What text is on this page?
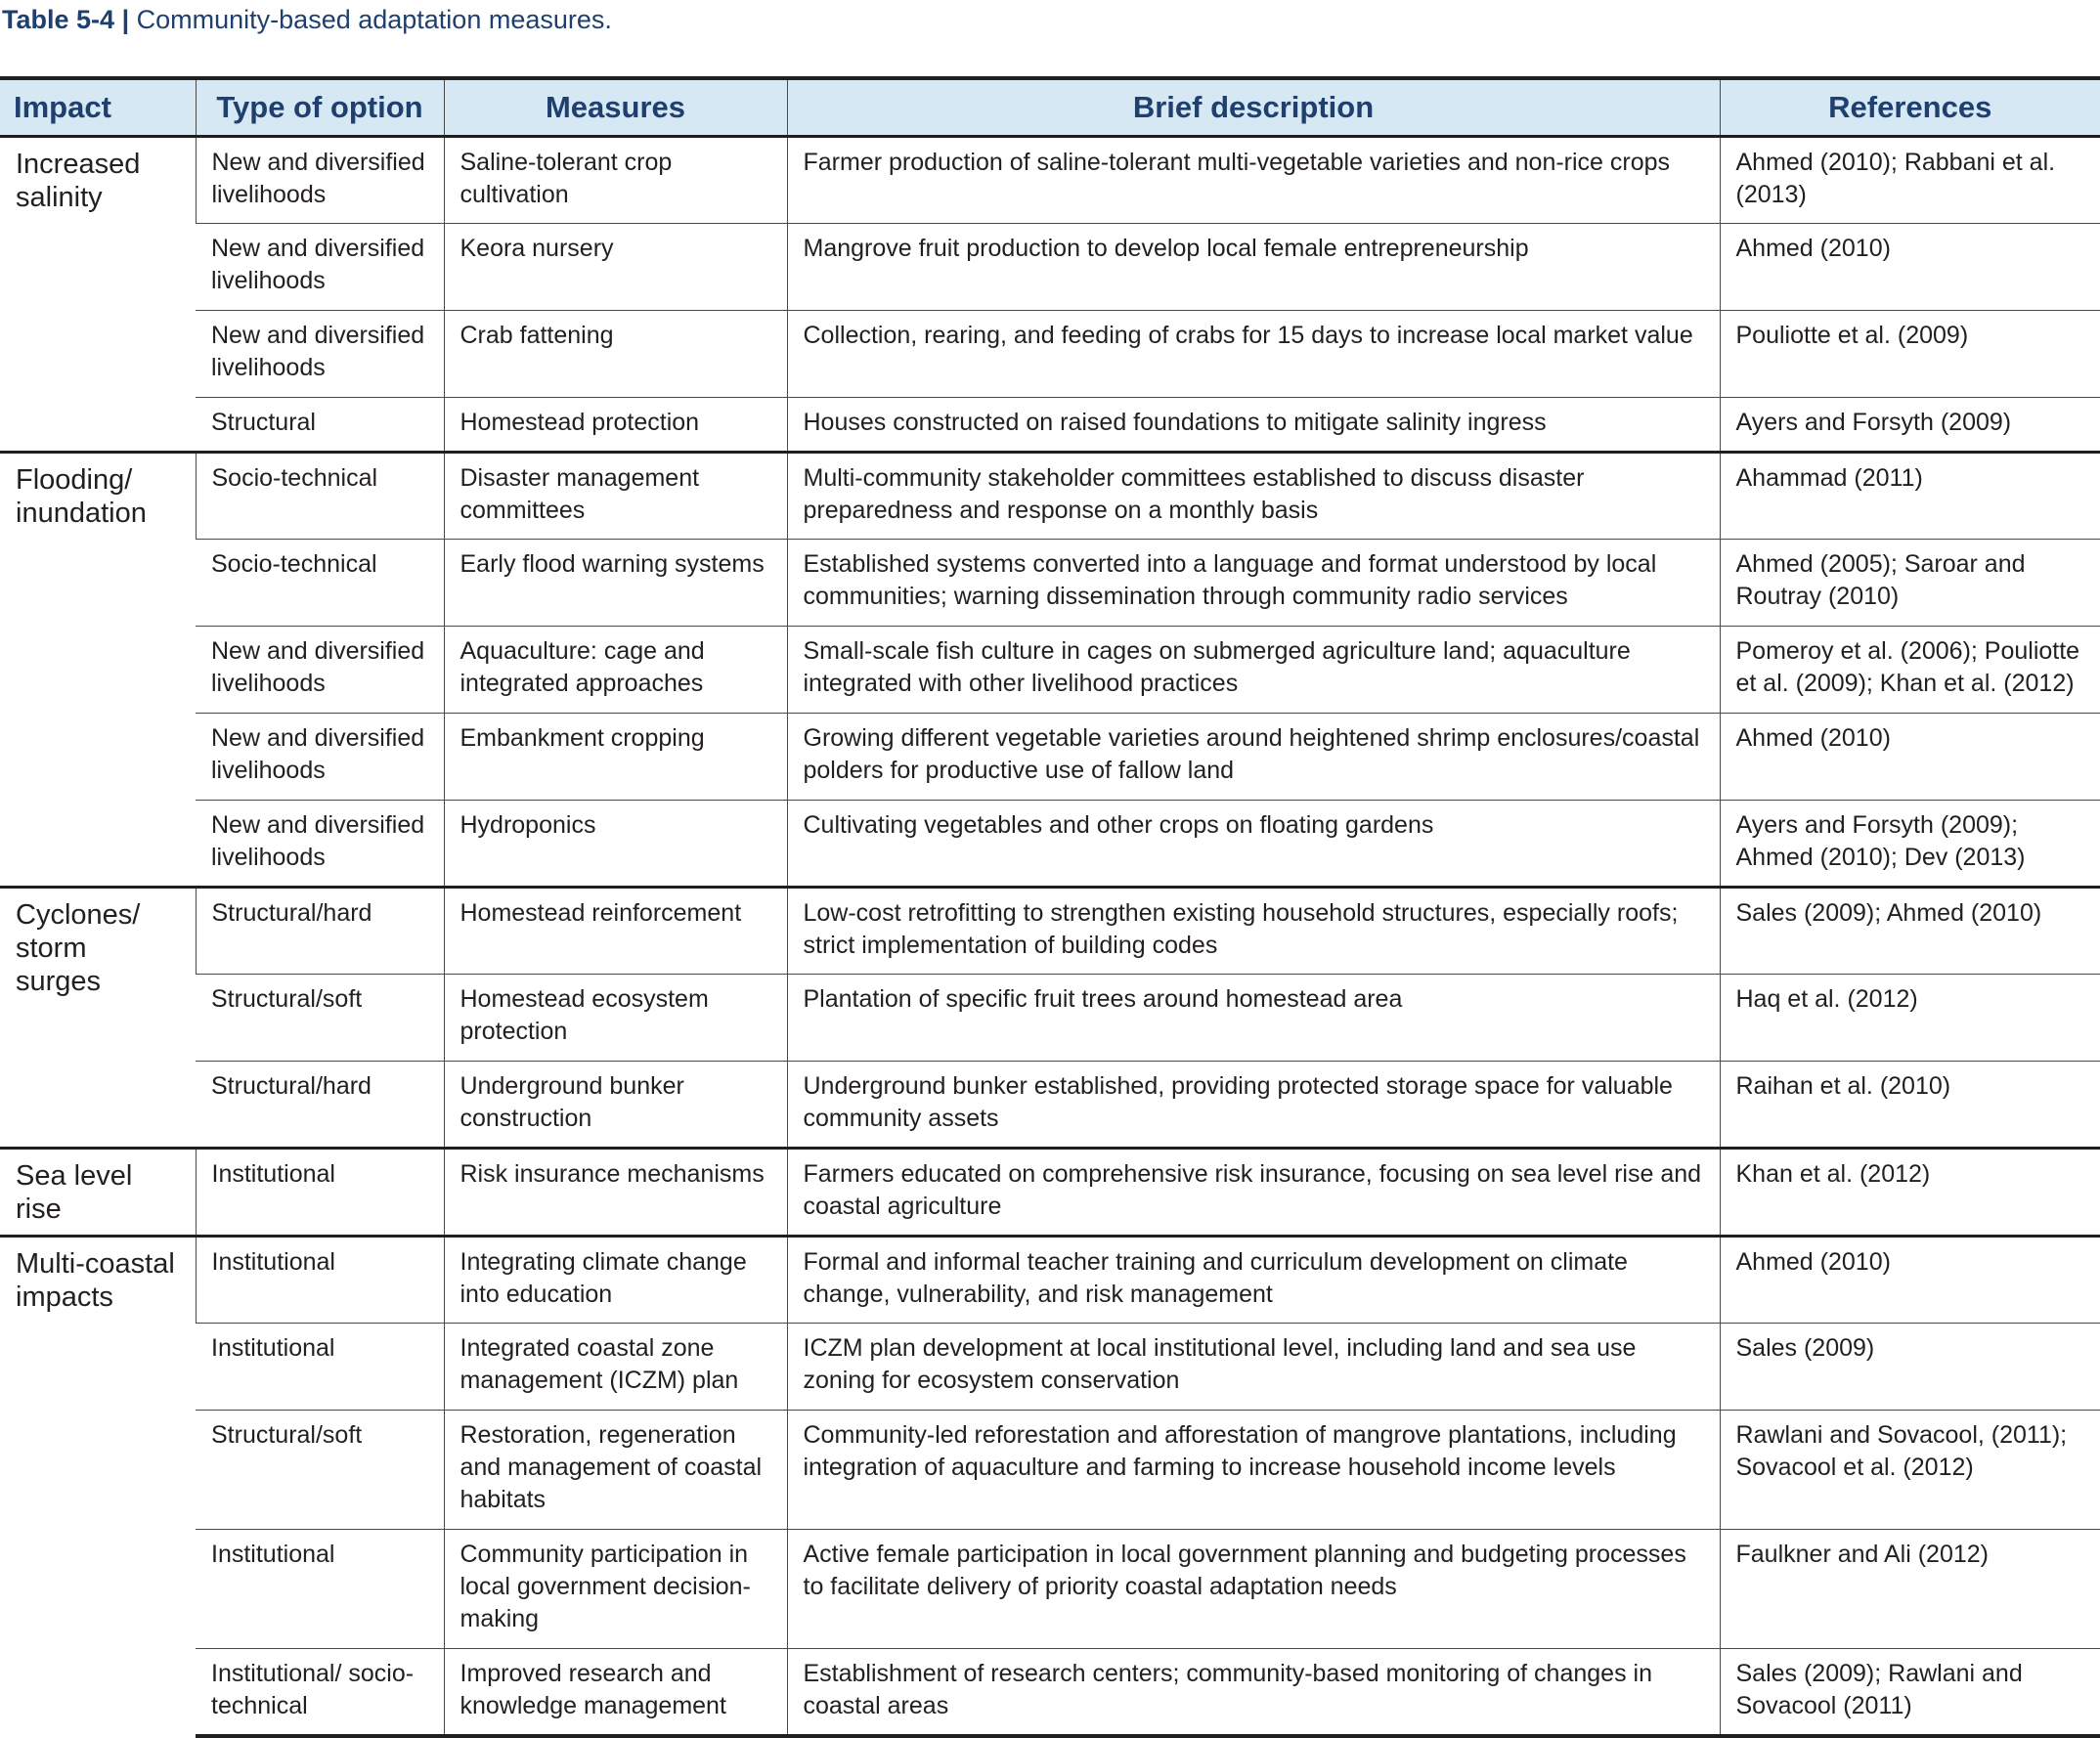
Table 5-4 | Community-based adaptation measures.
Impact	Type of option	Measures	Brief description	References
Increased salinity	New and diversified livelihoods	Saline-tolerant crop cultivation	Farmer production of saline-tolerant multi-vegetable varieties and non-rice crops	Ahmed (2010); Rabbani et al. (2013)
	New and diversified livelihoods	Keora nursery	Mangrove fruit production to develop local female entrepreneurship	Ahmed (2010)
	New and diversified livelihoods	Crab fattening	Collection, rearing, and feeding of crabs for 15 days to increase local market value	Pouliotte et al. (2009)
	Structural	Homestead protection	Houses constructed on raised foundations to mitigate salinity ingress	Ayers and Forsyth (2009)
Flooding/ inundation	Socio-technical	Disaster management committees	Multi-community stakeholder committees established to discuss disaster preparedness and response on a monthly basis	Ahammad (2011)
	Socio-technical	Early flood warning systems	Established systems converted into a language and format understood by local communities; warning dissemination through community radio services	Ahmed (2005); Saroar and Routray (2010)
	New and diversified livelihoods	Aquaculture: cage and integrated approaches	Small-scale fish culture in cages on submerged agriculture land; aquaculture integrated with other livelihood practices	Pomeroy et al. (2006); Pouliotte et al. (2009); Khan et al. (2012)
	New and diversified livelihoods	Embankment cropping	Growing different vegetable varieties around heightened shrimp enclosures/coastal polders for productive use of fallow land	Ahmed (2010)
	New and diversified livelihoods	Hydroponics	Cultivating vegetables and other crops on floating gardens	Ayers and Forsyth (2009); Ahmed (2010); Dev (2013)
Cyclones/ storm surges	Structural/hard	Homestead reinforcement	Low-cost retrofitting to strengthen existing household structures, especially roofs; strict implementation of building codes	Sales (2009); Ahmed (2010)
	Structural/soft	Homestead ecosystem protection	Plantation of specific fruit trees around homestead area	Haq et al. (2012)
	Structural/hard	Underground bunker construction	Underground bunker established, providing protected storage space for valuable community assets	Raihan et al. (2010)
Sea level rise	Institutional	Risk insurance mechanisms	Farmers educated on comprehensive risk insurance, focusing on sea level rise and coastal agriculture	Khan et al. (2012)
Multi-coastal impacts	Institutional	Integrating climate change into education	Formal and informal teacher training and curriculum development on climate change, vulnerability, and risk management	Ahmed (2010)
	Institutional	Integrated coastal zone management (ICZM) plan	ICZM plan development at local institutional level, including land and sea use zoning for ecosystem conservation	Sales (2009)
	Structural/soft	Restoration, regeneration and management of coastal habitats	Community-led reforestation and afforestation of mangrove plantations, including integration of aquaculture and farming to increase household income levels	Rawlani and Sovacool, (2011); Sovacool et al. (2012)
	Institutional	Community participation in local government decision-making	Active female participation in local government planning and budgeting processes to facilitate delivery of priority coastal adaptation needs	Faulkner and Ali (2012)
	Institutional/ socio-technical	Improved research and knowledge management	Establishment of research centers; community-based monitoring of changes in coastal areas	Sales (2009); Rawlani and Sovacool (2011)
